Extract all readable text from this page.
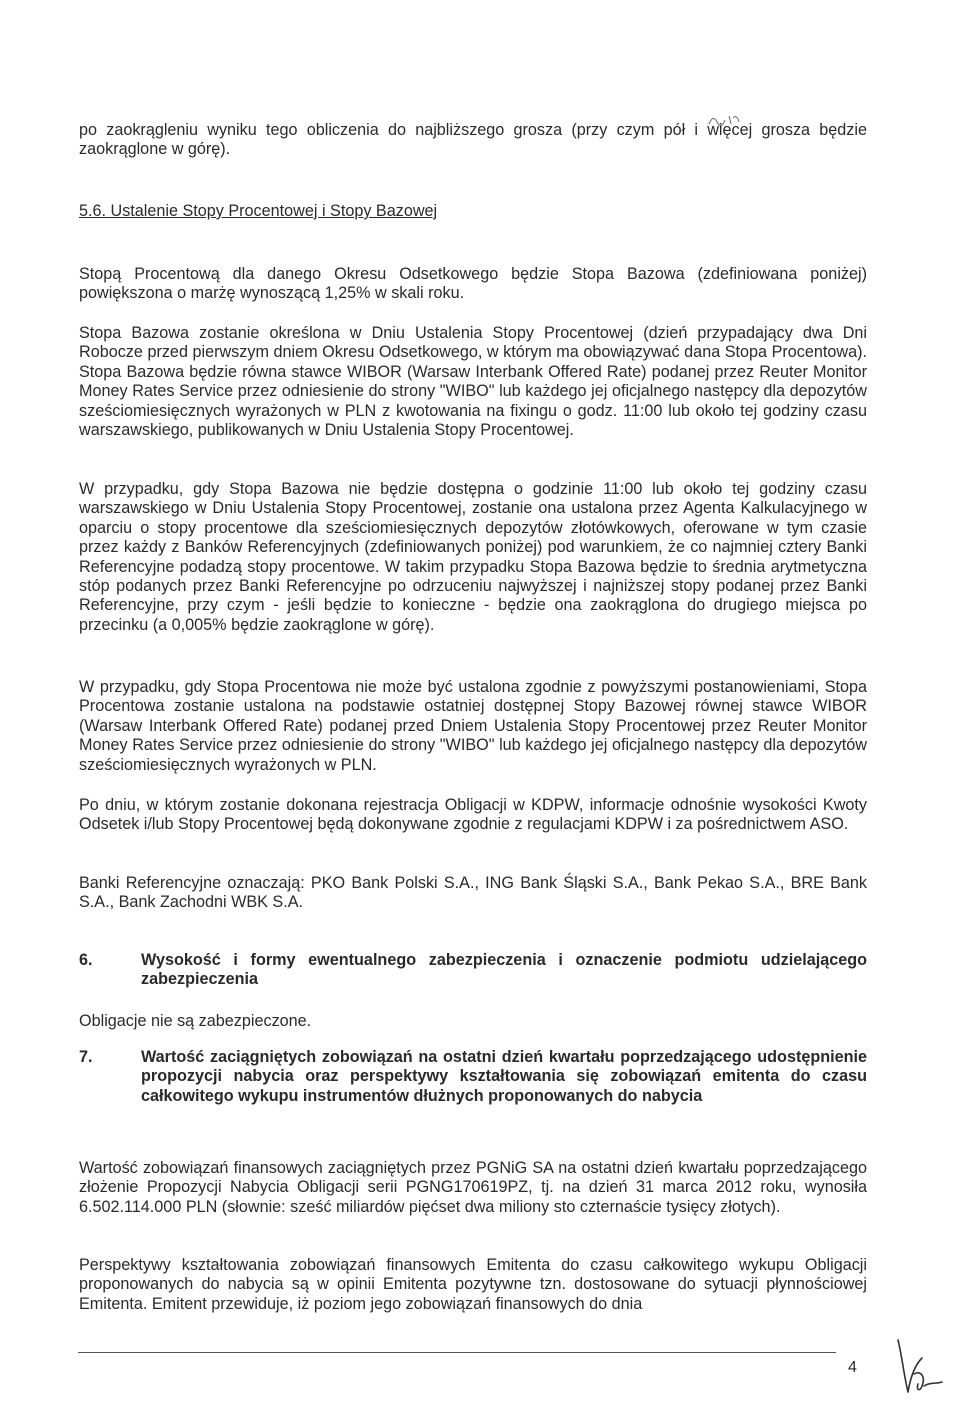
po zaokrągleniu wyniku tego obliczenia do najbliższego grosza (przy czym pół i więcej grosza będzie zaokrąglone w górę).

5.6. Ustalenie Stopy Procentowej i Stopy Bazowej

Stopą Procentową dla danego Okresu Odsetkowego będzie Stopa Bazowa (zdefiniowana poniżej) powiększona o marżę wynoszącą 1,25% w skali roku.

Stopa Bazowa zostanie określona w Dniu Ustalenia Stopy Procentowej (dzień przypadający dwa Dni Robocze przed pierwszym dniem Okresu Odsetkowego, w którym ma obowiązywać dana Stopa Procentowa). Stopa Bazowa będzie równa stawce WIBOR (Warsaw Interbank Offered Rate) podanej przez Reuter Monitor Money Rates Service przez odniesienie do strony "WIBO" lub każdego jej oficjalnego następcy dla depozytów sześciomiesięcznych wyrażonych w PLN z kwotowania na fixingu o godz. 11:00 lub około tej godziny czasu warszawskiego, publikowanych w Dniu Ustalenia Stopy Procentowej.

W przypadku, gdy Stopa Bazowa nie będzie dostępna o godzinie 11:00 lub około tej godziny czasu warszawskiego w Dniu Ustalenia Stopy Procentowej, zostanie ona ustalona przez Agenta Kalkulacyjnego w oparciu o stopy procentowe dla sześciomiesięcznych depozytów złotówkowych, oferowane w tym czasie przez każdy z Banków Referencyjnych (zdefiniowanych poniżej) pod warunkiem, że co najmniej cztery Banki Referencyjne podadzą stopy procentowe. W takim przypadku Stopa Bazowa będzie to średnia arytmetyczna stóp podanych przez Banki Referencyjne po odrzuceniu najwyższej i najniższej stopy podanej przez Banki Referencyjne, przy czym - jeśli będzie to konieczne - będzie ona zaokrąglona do drugiego miejsca po przecinku (a 0,005% będzie zaokrąglone w górę).

W przypadku, gdy Stopa Procentowa nie może być ustalona zgodnie z powyższymi postanowieniami, Stopa Procentowa zostanie ustalona na podstawie ostatniej dostępnej Stopy Bazowej równej stawce WIBOR (Warsaw Interbank Offered Rate) podanej przed Dniem Ustalenia Stopy Procentowej przez Reuter Monitor Money Rates Service przez odniesienie do strony "WIBO" lub każdego jej oficjalnego następcy dla depozytów sześciomiesięcznych wyrażonych w PLN.

Po dniu, w którym zostanie dokonana rejestracja Obligacji w KDPW, informacje odnośnie wysokości Kwoty Odsetek i/lub Stopy Procentowej będą dokonywane zgodnie z regulacjami KDPW i za pośrednictwem ASO.

Banki Referencyjne oznaczają: PKO Bank Polski S.A., ING Bank Śląski S.A., Bank Pekao S.A., BRE Bank S.A., Bank Zachodni WBK S.A.

6.	Wysokość i formy ewentualnego zabezpieczenia i oznaczenie podmiotu udzielającego zabezpieczenia

Obligacje nie są zabezpieczone.

7.	Wartość zaciągniętych zobowiązań na ostatni dzień kwartału poprzedzającego udostępnienie propozycji nabycia oraz perspektywy kształtowania się zobowiązań emitenta do czasu całkowitego wykupu instrumentów dłużnych proponowanych do nabycia

Wartość zobowiązań finansowych zaciągniętych przez PGNiG SA na ostatni dzień kwartału poprzedzającego złożenie Propozycji Nabycia Obligacji serii PGNG170619PZ, tj. na dzień 31 marca 2012 roku, wynosiła 6.502.114.000 PLN (słownie: sześć miliardów pięćset dwa miliony sto czternaście tysięcy złotych).

Perspektywy kształtowania zobowiązań finansowych Emitenta do czasu całkowitego wykupu Obligacji proponowanych do nabycia są w opinii Emitenta pozytywne tzn. dostosowane do sytuacji płynnościowej Emitenta. Emitent przewiduje, iż poziom jego zobowiązań finansowych do dnia

4
